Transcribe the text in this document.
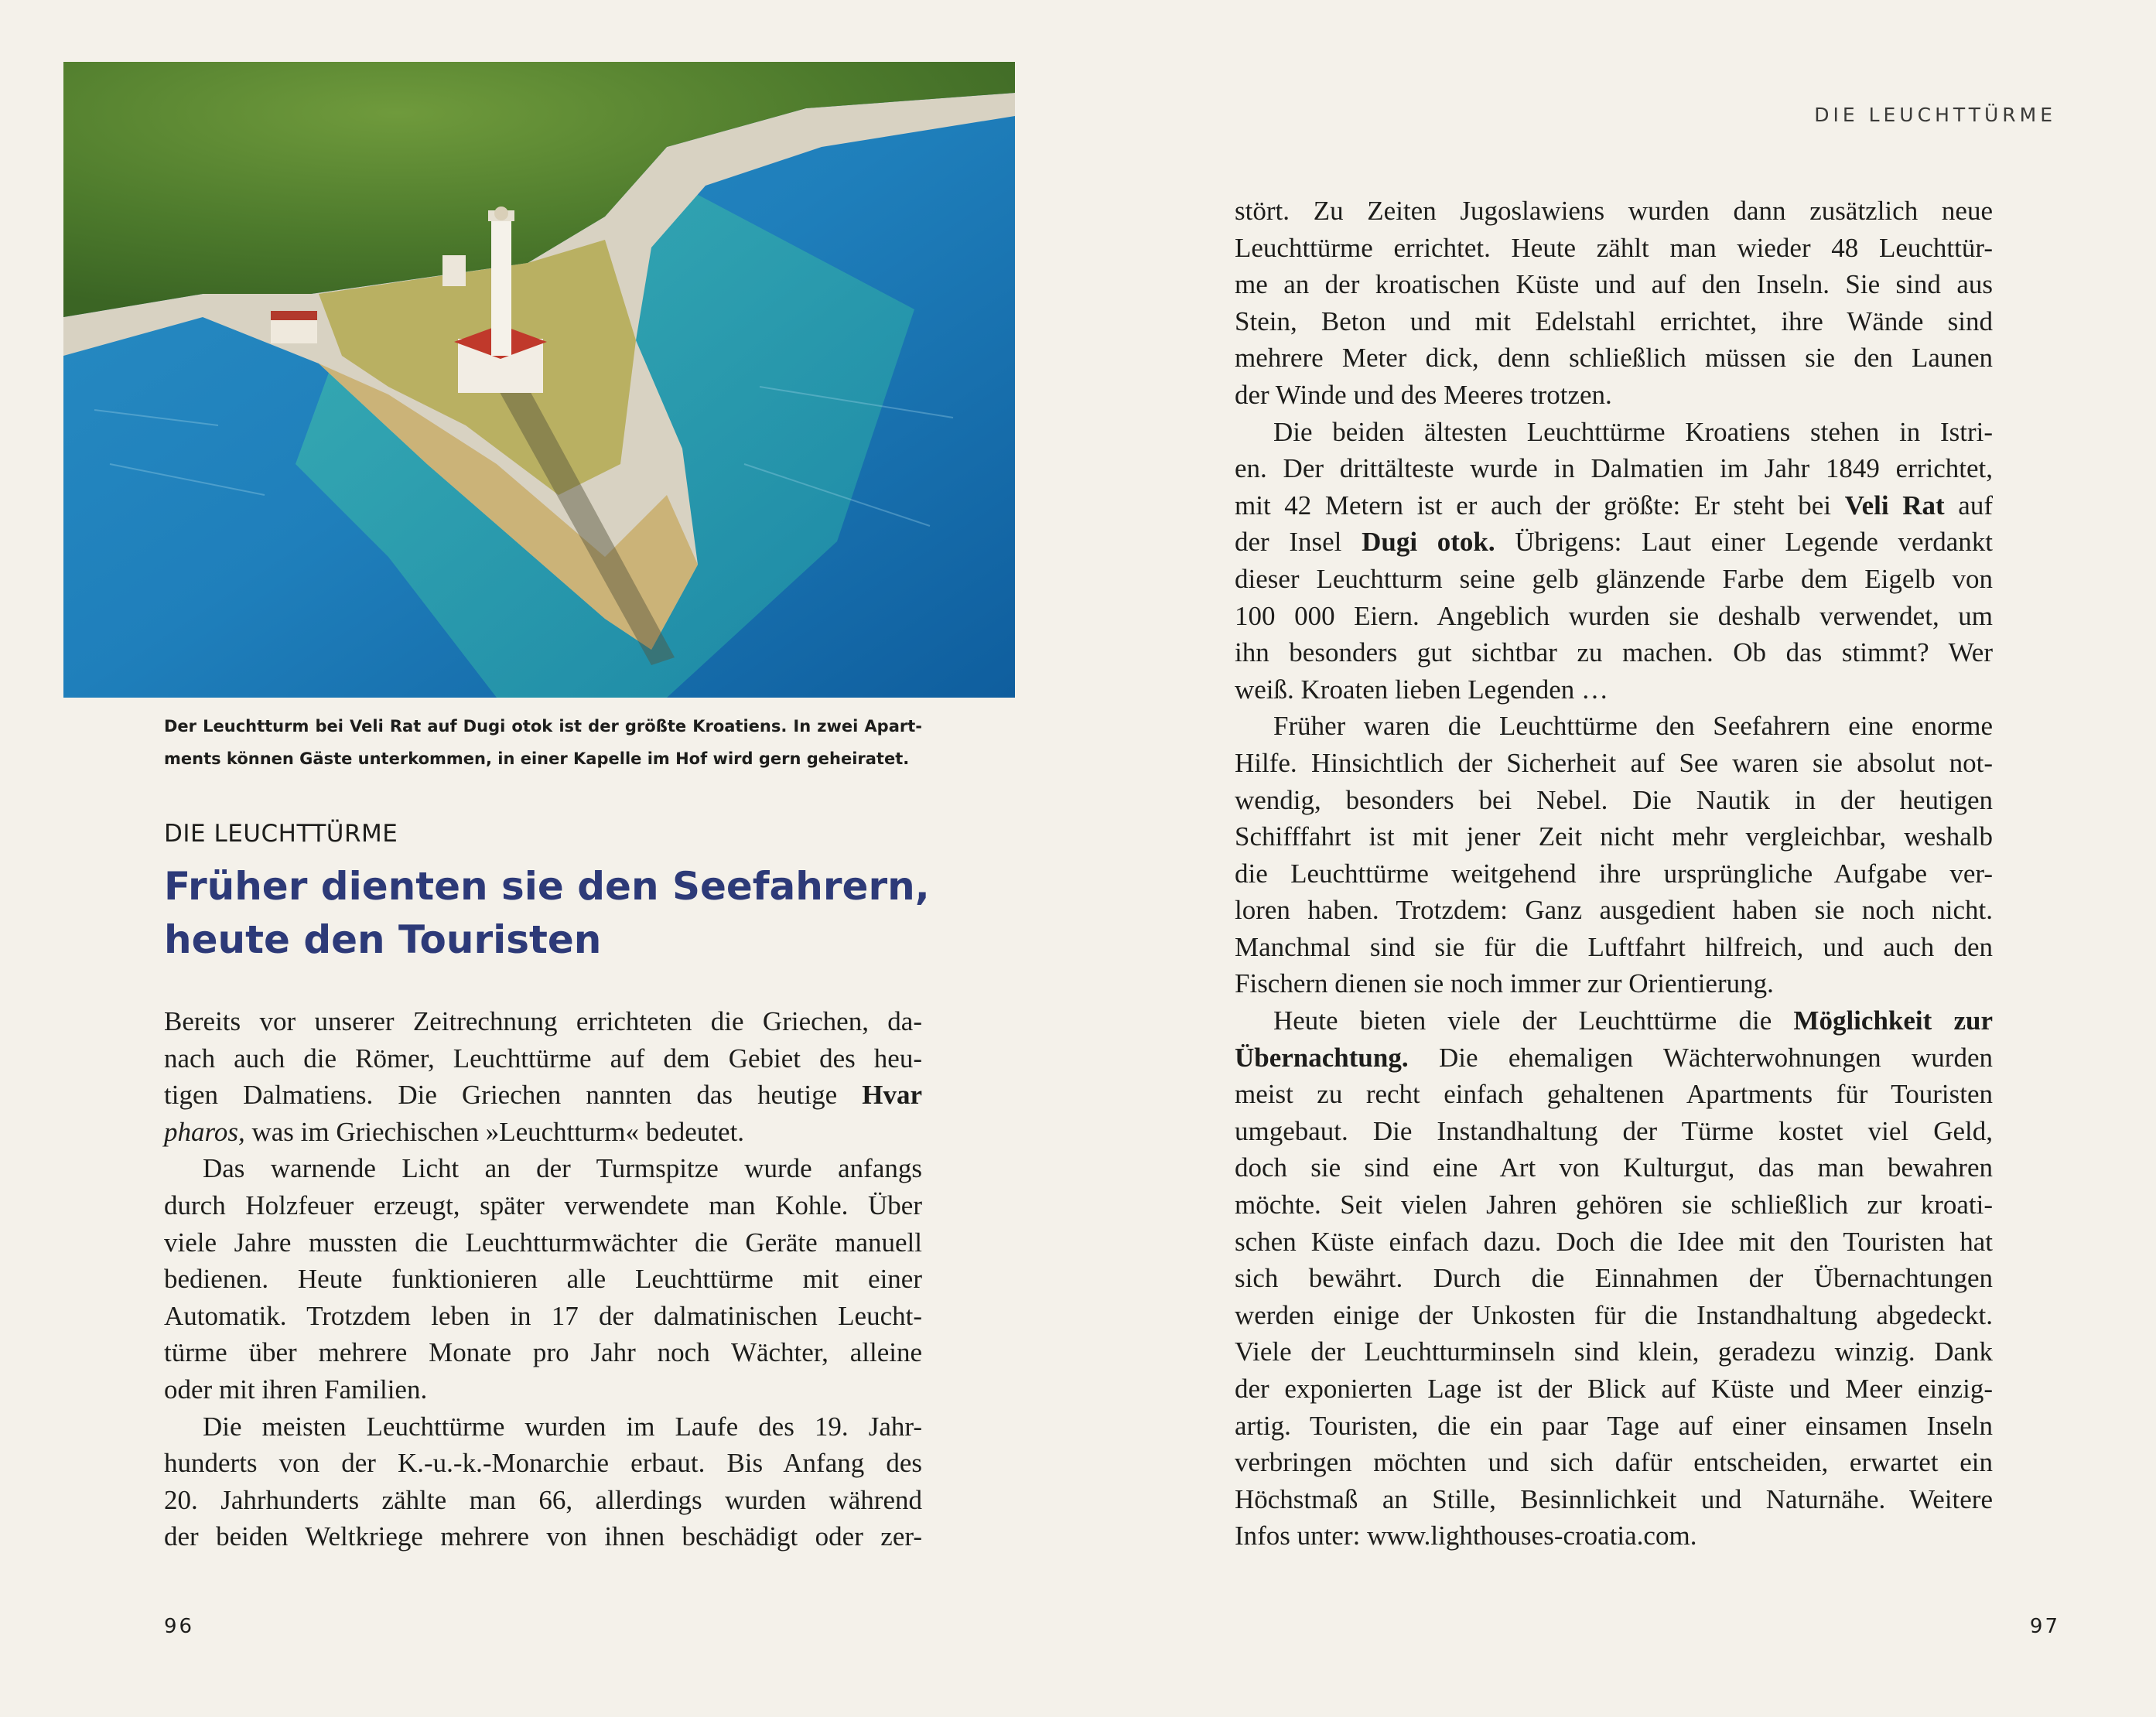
Der Leuchtturm bei Veli Rat auf Dugi otok ist der größte Kroatiens. In zwei Apart-
ments können Gäste unterkommen, in einer Kapelle im Hof wird gern geheiratet.
DIE LEUCHTTÜRME
Früher dienten sie den Seefahrern,
heute den Touristen
Bereits vor unserer Zeitrechnung errichteten die Griechen, da-
nach auch die Römer, Leuchttürme auf dem Gebiet des heu-
tigen Dalmatiens. Die Griechen nannten das heutige Hvar
pharos, was im Griechischen »Leuchtturm« bedeutet.
Das warnende Licht an der Turmspitze wurde anfangs
durch Holzfeuer erzeugt, später verwendete man Kohle. Über
viele Jahre mussten die Leuchtturmwächter die Geräte manuell
bedienen. Heute funktionieren alle Leuchttürme mit einer
Automatik. Trotzdem leben in 17 der dalmatinischen Leucht-
türme über mehrere Monate pro Jahr noch Wächter, alleine
oder mit ihren Familien.
Die meisten Leuchttürme wurden im Laufe des 19. Jahr-
hunderts von der K.-u.-k.-Monarchie erbaut. Bis Anfang des
20. Jahrhunderts zählte man 66, allerdings wurden während
der beiden Weltkriege mehrere von ihnen beschädigt oder zer-
96
DIE LEUCHTTÜRME
stört. Zu Zeiten Jugoslawiens wurden dann zusätzlich neue
Leuchttürme errichtet. Heute zählt man wieder 48 Leuchttür-
me an der kroatischen Küste und auf den Inseln. Sie sind aus
Stein, Beton und mit Edelstahl errichtet, ihre Wände sind
mehrere Meter dick, denn schließlich müssen sie den Launen
der Winde und des Meeres trotzen.
Die beiden ältesten Leuchttürme Kroatiens stehen in Istri-
en. Der drittälteste wurde in Dalmatien im Jahr 1849 errichtet,
mit 42 Metern ist er auch der größte: Er steht bei Veli Rat auf
der Insel Dugi otok. Übrigens: Laut einer Legende verdankt
dieser Leuchtturm seine gelb glänzende Farbe dem Eigelb von
100 000 Eiern. Angeblich wurden sie deshalb verwendet, um
ihn besonders gut sichtbar zu machen. Ob das stimmt? Wer
weiß. Kroaten lieben Legenden …
Früher waren die Leuchttürme den Seefahrern eine enorme
Hilfe. Hinsichtlich der Sicherheit auf See waren sie absolut not-
wendig, besonders bei Nebel. Die Nautik in der heutigen
Schifffahrt ist mit jener Zeit nicht mehr vergleichbar, weshalb
die Leuchttürme weitgehend ihre ursprüngliche Aufgabe ver-
loren haben. Trotzdem: Ganz ausgedient haben sie noch nicht.
Manchmal sind sie für die Luftfahrt hilfreich, und auch den
Fischern dienen sie noch immer zur Orientierung.
Heute bieten viele der Leuchttürme die Möglichkeit zur
Übernachtung. Die ehemaligen Wächterwohnungen wurden
meist zu recht einfach gehaltenen Apartments für Touristen
umgebaut. Die Instandhaltung der Türme kostet viel Geld,
doch sie sind eine Art von Kulturgut, das man bewahren
möchte. Seit vielen Jahren gehören sie schließlich zur kroati-
schen Küste einfach dazu. Doch die Idee mit den Touristen hat
sich bewährt. Durch die Einnahmen der Übernachtungen
werden einige der Unkosten für die Instandhaltung abgedeckt.
Viele der Leuchtturminseln sind klein, geradezu winzig. Dank
der exponierten Lage ist der Blick auf Küste und Meer einzig-
artig. Touristen, die ein paar Tage auf einer einsamen Inseln
verbringen möchten und sich dafür entscheiden, erwartet ein
Höchstmaß an Stille, Besinnlichkeit und Naturnähe. Weitere
Infos unter: www.lighthouses-croatia.com.
97
